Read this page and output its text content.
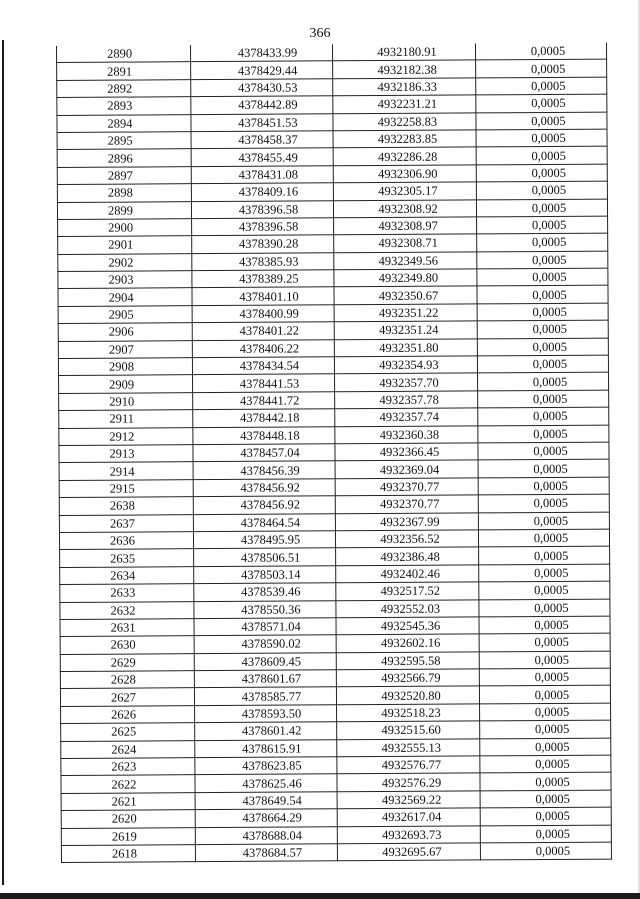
366
2890	4378433.99	4932180.91	0,0005
2891	4378429.44	4932182.38	0,0005
2892	4378430.53	4932186.33	0,0005
2893	4378442.89	4932231.21	0,0005
2894	4378451.53	4932258.83	0,0005
2895	4378458.37	4932283.85	0,0005
2896	4378455.49	4932286.28	0,0005
2897	4378431.08	4932306.90	0,0005
2898	4378409.16	4932305.17	0,0005
2899	4378396.58	4932308.92	0,0005
2900	4378396.58	4932308.97	0,0005
2901	4378390.28	4932308.71	0,0005
2902	4378385.93	4932349.56	0,0005
2903	4378389.25	4932349.80	0,0005
2904	4378401.10	4932350.67	0,0005
2905	4378400.99	4932351.22	0,0005
2906	4378401.22	4932351.24	0,0005
2907	4378406.22	4932351.80	0,0005
2908	4378434.54	4932354.93	0,0005
2909	4378441.53	4932357.70	0,0005
2910	4378441.72	4932357.78	0,0005
2911	4378442.18	4932357.74	0,0005
2912	4378448.18	4932360.38	0,0005
2913	4378457.04	4932366.45	0,0005
2914	4378456.39	4932369.04	0,0005
2915	4378456.92	4932370.77	0,0005
2638	4378456.92	4932370.77	0,0005
2637	4378464.54	4932367.99	0,0005
2636	4378495.95	4932356.52	0,0005
2635	4378506.51	4932386.48	0,0005
2634	4378503.14	4932402.46	0,0005
2633	4378539.46	4932517.52	0,0005
2632	4378550.36	4932552.03	0,0005
2631	4378571.04	4932545.36	0,0005
2630	4378590.02	4932602.16	0,0005
2629	4378609.45	4932595.58	0,0005
2628	4378601.67	4932566.79	0,0005
2627	4378585.77	4932520.80	0,0005
2626	4378593.50	4932518.23	0,0005
2625	4378601.42	4932515.60	0,0005
2624	4378615.91	4932555.13	0,0005
2623	4378623.85	4932576.77	0,0005
2622	4378625.46	4932576.29	0,0005
2621	4378649.54	4932569.22	0,0005
2620	4378664.29	4932617.04	0,0005
2619	4378688.04	4932693.73	0,0005
2618	4378684.57	4932695.67	0,0005
